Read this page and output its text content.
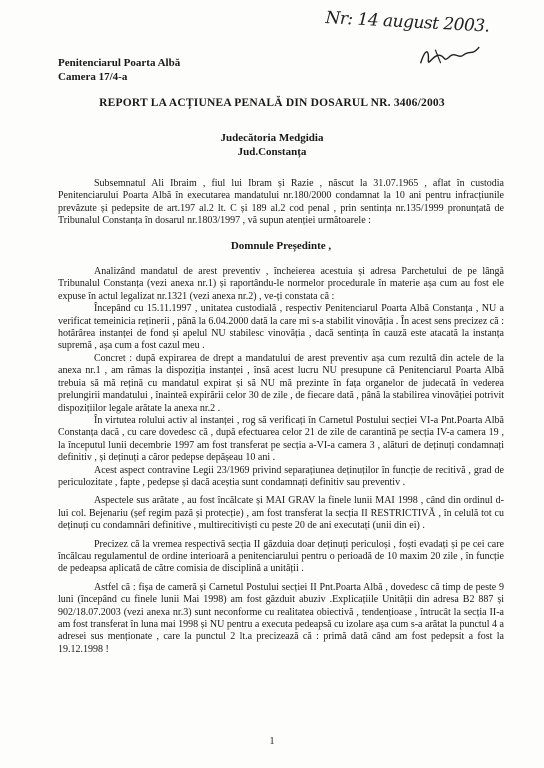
Nr: 14 august 2003.
Penitenciarul Poarta Albă
Camera 17/4-a
REPORT LA ACȚIUNEA PENALĂ DIN DOSARUL NR. 3406/2003
Judecătoria Medgidia
Jud.Constanța

Subsemnatul Ali Ibraim , fiul lui Ibram și Razie , născut la 31.07.1965 , aflat în custodia Penitenciarului Poarta Albă în executarea mandatului nr.180/2000 condamnat la 10 ani pentru infracțiunile prevăzute și pedepsite de art.197 al.2 lt. C și 189 al.2 cod penal , prin sentința nr.135/1999 pronunțată de Tribunalul Constanța în dosarul nr.1803/1997 , vă supun atenției următoarele :

Domnule Președinte ,

Analizând mandatul de arest preventiv , încheierea acestuia și adresa Parchetului de pe lângă Tribunalul Constanța (vezi anexa nr.1) și raportându-le normelor procedurale în materie așa cum au fost ele expuse în actul legalizat nr.1321 (vezi anexa nr.2) , ve-ți constata că :

Începând cu 15.11.1997 , unitatea custodială , respectiv Penitenciarul Poarta Albă Constanța , NU a verificat temeinicia reținerii , până la 6.04.2000 dată la care mi s-a stabilit vinovăția . În acest sens precizez că : hotărârea instanței de fond și apelul NU stabilesc vinovăția , dacă sentința în cauză este atacată la instanța supremă , așa cum a fost cazul meu .

Concret : după expirarea de drept a mandatului de arest preventiv așa cum rezultă din actele de la anexa nr.1 , am rămas la dispoziția instanței , însă acest lucru NU presupune că Penitenciarul Poarta Albă trebuia să mă rețină cu mandatul expirat și să NU mă prezinte în fața organelor de judecată în vederea prelungirii mandatului , înainteă expirării celor 30 de zile , de fiecare dată , până la stabilirea vinovăției potrivit dispozițiilor legale arătate la anexa nr.2 .

În virtutea rolului activ al instanței , rog să verificați în Carnetul Postului secției VI-a Pnt.Poarta Albă Constanța dacă , cu care dovedesc că , după efectuarea celor 21 de zile de carantină pe secția IV-a camera 19 , la începutul lunii decembrie 1997 am fost transferat pe secția a-VI-a camera 3 , alături de deținuți condamnați definitiv , și deținuți a căror pedepse depășeau 10 ani .

Acest aspect contravine Legii 23/1969 privind separațiunea deținuților în funcție de recitivă , grad de periculozitate , fapte , pedepse și dacă aceștia sunt condamnați definitiv sau preventiv .

Aspectele sus arătate , au fost încălcate și MAI GRAV la finele lunii MAI 1998 , când din ordinul d-lui col. Bejenariu (șef regim pază și protecție) , am fost transferat la secția II RESTRICTIVĂ , în celulă tot cu deținuți cu condamnări definitive , multirecitiviști cu peste 20 de ani executați (unii din ei) .

Precizez că la vremea respectivă secția II găzduia doar deținuți periculoși , foști evadați și pe cei care încălcau regulamentul de ordine interioară a penitenciarului pentru o perioadă de 10 maxim 20 zile , în funcție de pedeapsa aplicată de către comisia de disciplină a unității .

Astfel că : fișa de cameră și Carnetul Postului secției II Pnt.Poarta Albă , dovedesc că timp de peste 9 luni (începând cu finele lunii Mai 1998) am fost găzduit abuziv .Explicațiile Unității din adresa B2 887 și 902/18.07.2003 (vezi anexa nr.3) sunt neconforme cu realitatea obiectivă , tendențioase , întrucât la secția II-a am fost transferat în luna mai 1998 și NU pentru a executa pedeapsă cu izolare așa cum s-a arătat la punctul 4 a adresei sus menționate , care la punctul 2 lt.a precizează că : primă dată când am fost pedepsit a fost la 19.12.1998 !

1
